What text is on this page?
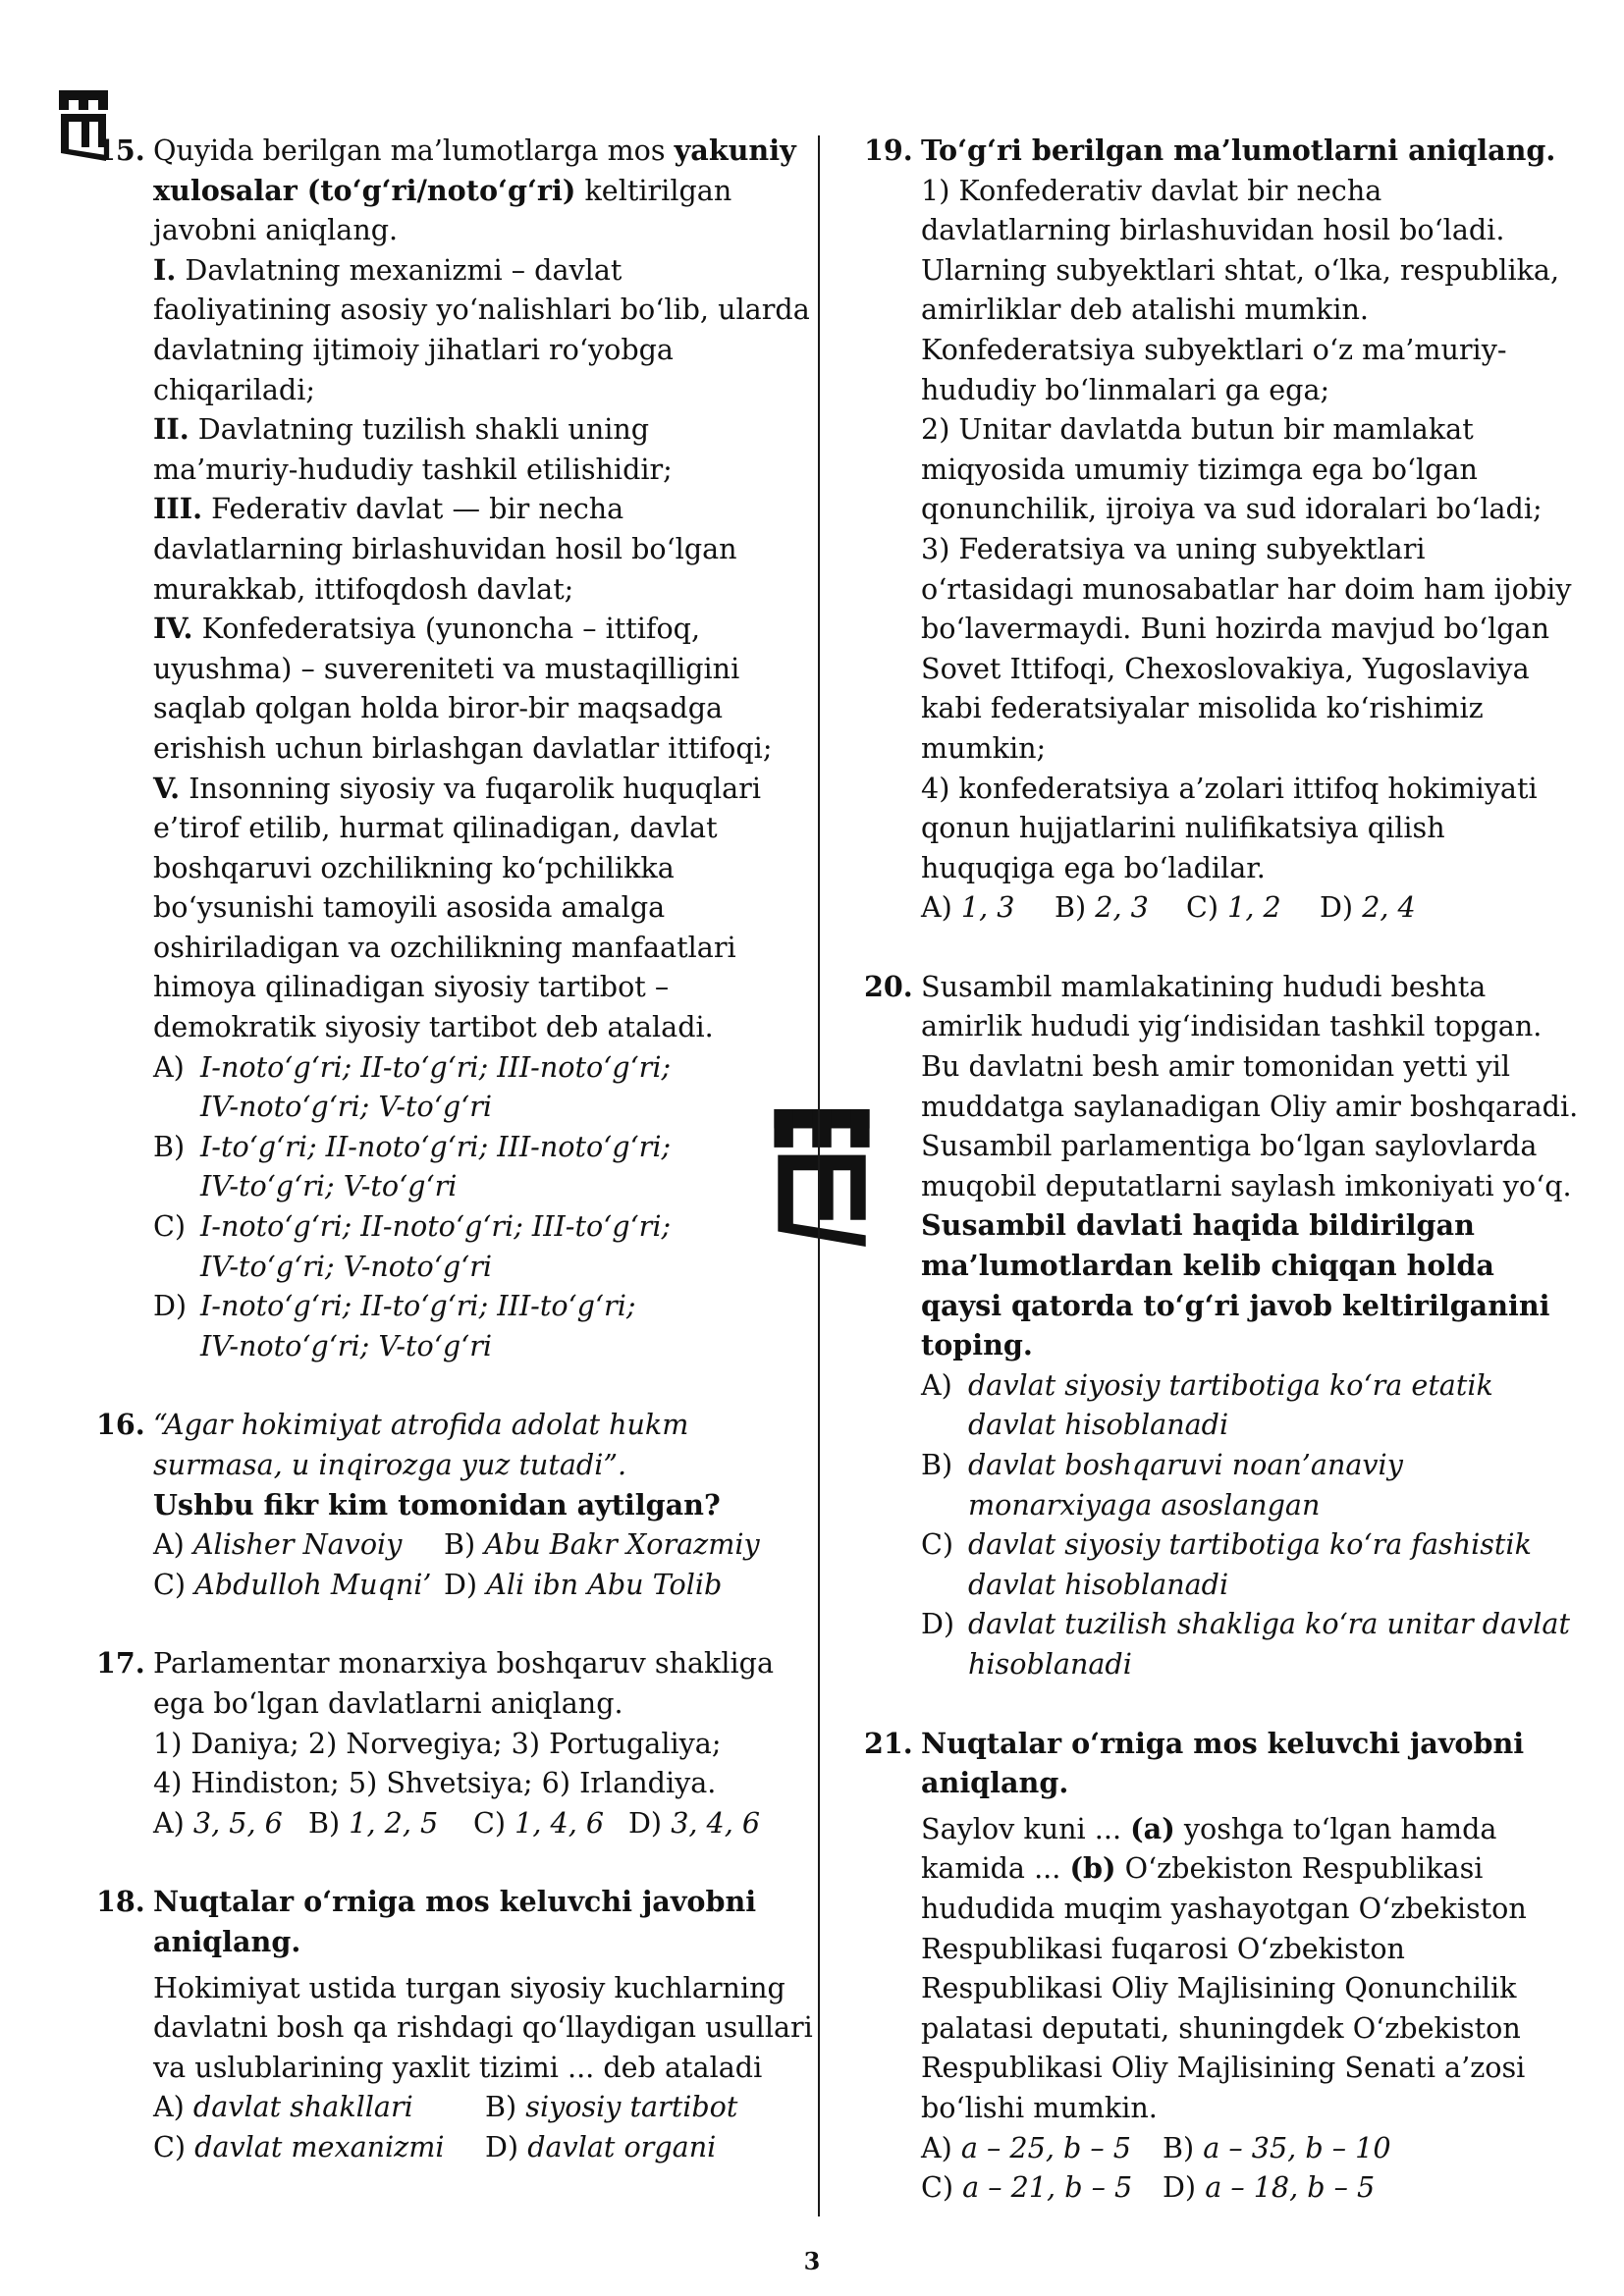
15. Quyida berilgan ma’lumotlarga mos yakuniy
xulosalar (to‘g‘ri/noto‘g‘ri) keltirilgan
javobni aniqlang.
I. Davlatning mexanizmi – davlat
faoliyatining asosiy yo‘nalishlari bo‘lib, ularda
davlatning ijtimoiy jihatlari ro‘yobga
chiqariladi;
II. Davlatning tuzilish shakli uning
ma’muriy-hududiy tashkil etilishidir;
III. Federativ davlat — bir necha
davlatlarning birlashuvidan hosil bo‘lgan
murakkab, ittifoqdosh davlat;
IV. Konfederatsiya (yunoncha – ittifoq,
uyushma) – suvereniteti va mustaqilligini
saqlab qolgan holda biror-bir maqsadga
erishish uchun birlashgan davlatlar ittifoqi;
V. Insonning siyosiy va fuqarolik huquqlari
e’tirof etilib, hurmat qilinadigan, davlat
boshqaruvi ozchilikning ko‘pchilikka
bo‘ysunishi tamoyili asosida amalga
oshiriladigan va ozchilikning manfaatlari
himoya qilinadigan siyosiy tartibot –
demokratik siyosiy tartibot deb ataladi.
A) I-noto‘g‘ri; II-to‘g‘ri; III-noto‘g‘ri;
IV-noto‘g‘ri; V-to‘g‘ri
B) I-to‘g‘ri; II-noto‘g‘ri; III-noto‘g‘ri;
IV-to‘g‘ri; V-to‘g‘ri
C) I-noto‘g‘ri; II-noto‘g‘ri; III-to‘g‘ri;
IV-to‘g‘ri; V-noto‘g‘ri
D) I-noto‘g‘ri; II-to‘g‘ri; III-to‘g‘ri;
IV-noto‘g‘ri; V-to‘g‘ri
16. “Agar hokimiyat atrofida adolat hukm
surmasa, u inqirozga yuz tutadi”.
Ushbu fikr kim tomonidan aytilgan?
A) Alisher Navoiy	B) Abu Bakr Xorazmiy
C) Abdulloh Muqni’ D) Ali ibn Abu Tolib
17. Parlamentar monarxiya boshqaruv shakliga
ega bo‘lgan davlatlarni aniqlang.
1) Daniya; 2) Norvegiya; 3) Portugaliya;
4) Hindiston; 5) Shvetsiya; 6) Irlandiya.
A) 3, 5, 6 B) 1, 2, 5	C) 1, 4, 6 D) 3, 4, 6
18. Nuqtalar o‘rniga mos keluvchi javobni
aniqlang.
Hokimiyat ustida turgan siyosiy kuchlarning
davlatni bosh qa rishdagi qo‘llaydigan usullari
va uslublarining yaxlit tizimi ... deb ataladi
A) davlat shakllari	B) siyosiy tartibot
C) davlat mexanizmi	D) davlat organi
19. To‘g‘ri berilgan ma’lumotlarni aniqlang.
1) Konfederativ davlat bir necha
davlatlarning birlashuvidan hosil bo‘ladi.
Ularning subyektlari shtat, o‘lka, respublika,
amirliklar deb atalishi mumkin.
Konfederatsiya subyektlari o‘z ma’muriy-
hududiy bo‘linmalari ga ega;
2) Unitar davlatda butun bir mamlakat
miqyosida umumiy tizimga ega bo‘lgan
qonunchilik, ijroiya va sud idoralari bo‘ladi;
3) Federatsiya va uning subyektlari
o‘rtasidagi munosabatlar har doim ham ijobiy
bo‘lavermaydi. Buni hozirda mavjud bo‘lgan
Sovet Ittifoqi, Chexoslovakiya, Yugoslaviya
kabi federatsiyalar misolida ko‘rishimiz
mumkin;
4) konfederatsiya a’zolari ittifoq hokimiyati
qonun hujjatlarini nulifikatsiya qilish
huquqiga ega bo‘ladilar.
A) 1, 3	B) 2, 3	C) 1, 2	D) 2, 4
20. Susambil mamlakatining hududi beshta
amirlik hududi yig‘indisidan tashkil topgan.
Bu davlatni besh amir tomonidan yetti yil
muddatga saylanadigan Oliy amir boshqaradi.
Susambil parlamentiga bo‘lgan saylovlarda
muqobil deputatlarni saylash imkoniyati yo‘q.
Susambil davlati haqida bildirilgan
ma’lumotlardan kelib chiqqan holda
qaysi qatorda to‘g‘ri javob keltirilganini
toping.
A) davlat siyosiy tartibotiga ko‘ra etatik
davlat hisoblanadi
B) davlat boshqaruvi noan’anaviy
monarxiyaga asoslangan
C) davlat siyosiy tartibotiga ko‘ra fashistik
davlat hisoblanadi
D) davlat tuzilish shakliga ko‘ra unitar davlat
hisoblanadi
21. Nuqtalar o‘rniga mos keluvchi javobni
aniqlang.
Saylov kuni ... (a) yoshga to‘lgan hamda
kamida ... (b) O‘zbekiston Respublikasi
hududida muqim yashayotgan O‘zbekiston
Respublikasi fuqarosi O‘zbekiston
Respublikasi Oliy Majlisining Qonunchilik
palatasi deputati, shuningdek O‘zbekiston
Respublikasi Oliy Majlisining Senati a’zosi
bo‘lishi mumkin.
A) a – 25, b – 5	B) a – 35, b – 10
C) a – 21, b – 5	D) a – 18, b – 5
3
